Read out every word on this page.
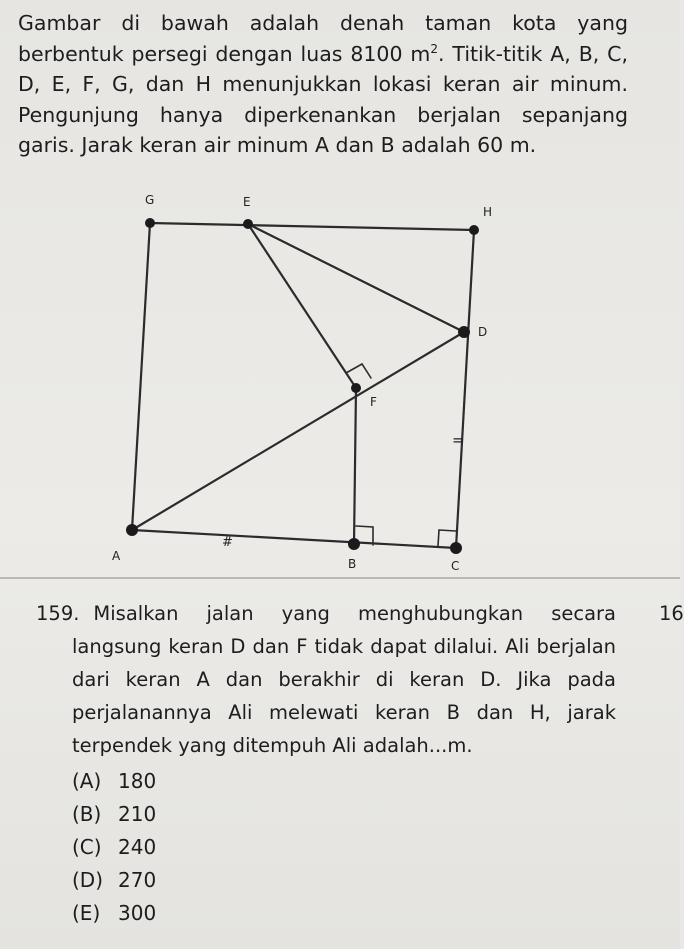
Gambar di bawah adalah denah taman kota yang berbentuk persegi dengan luas 8100 $m^2$. Titik-titik A, B, C, D, E, F, G, dan H menunjukkan lokasi keran air minum. Pengunjung hanya diperkenankan berjalan sepanjang garis. Jarak keran air minum A dan B adalah 60 m.

G	E
H
D
F
A
B	C
=
#
159. Misalkan jalan yang menghubungkan secara
langsung keran D dan F tidak dapat dilalui. Ali berjalan dari keran A dan berakhir di keran D. Jika pada perjalanannya Ali melewati keran B dan H, jarak terpendek yang ditempuh Ali adalah...m.
16
(A) 180
(B) 210
(C) 240
(D) 270
(E) 300
